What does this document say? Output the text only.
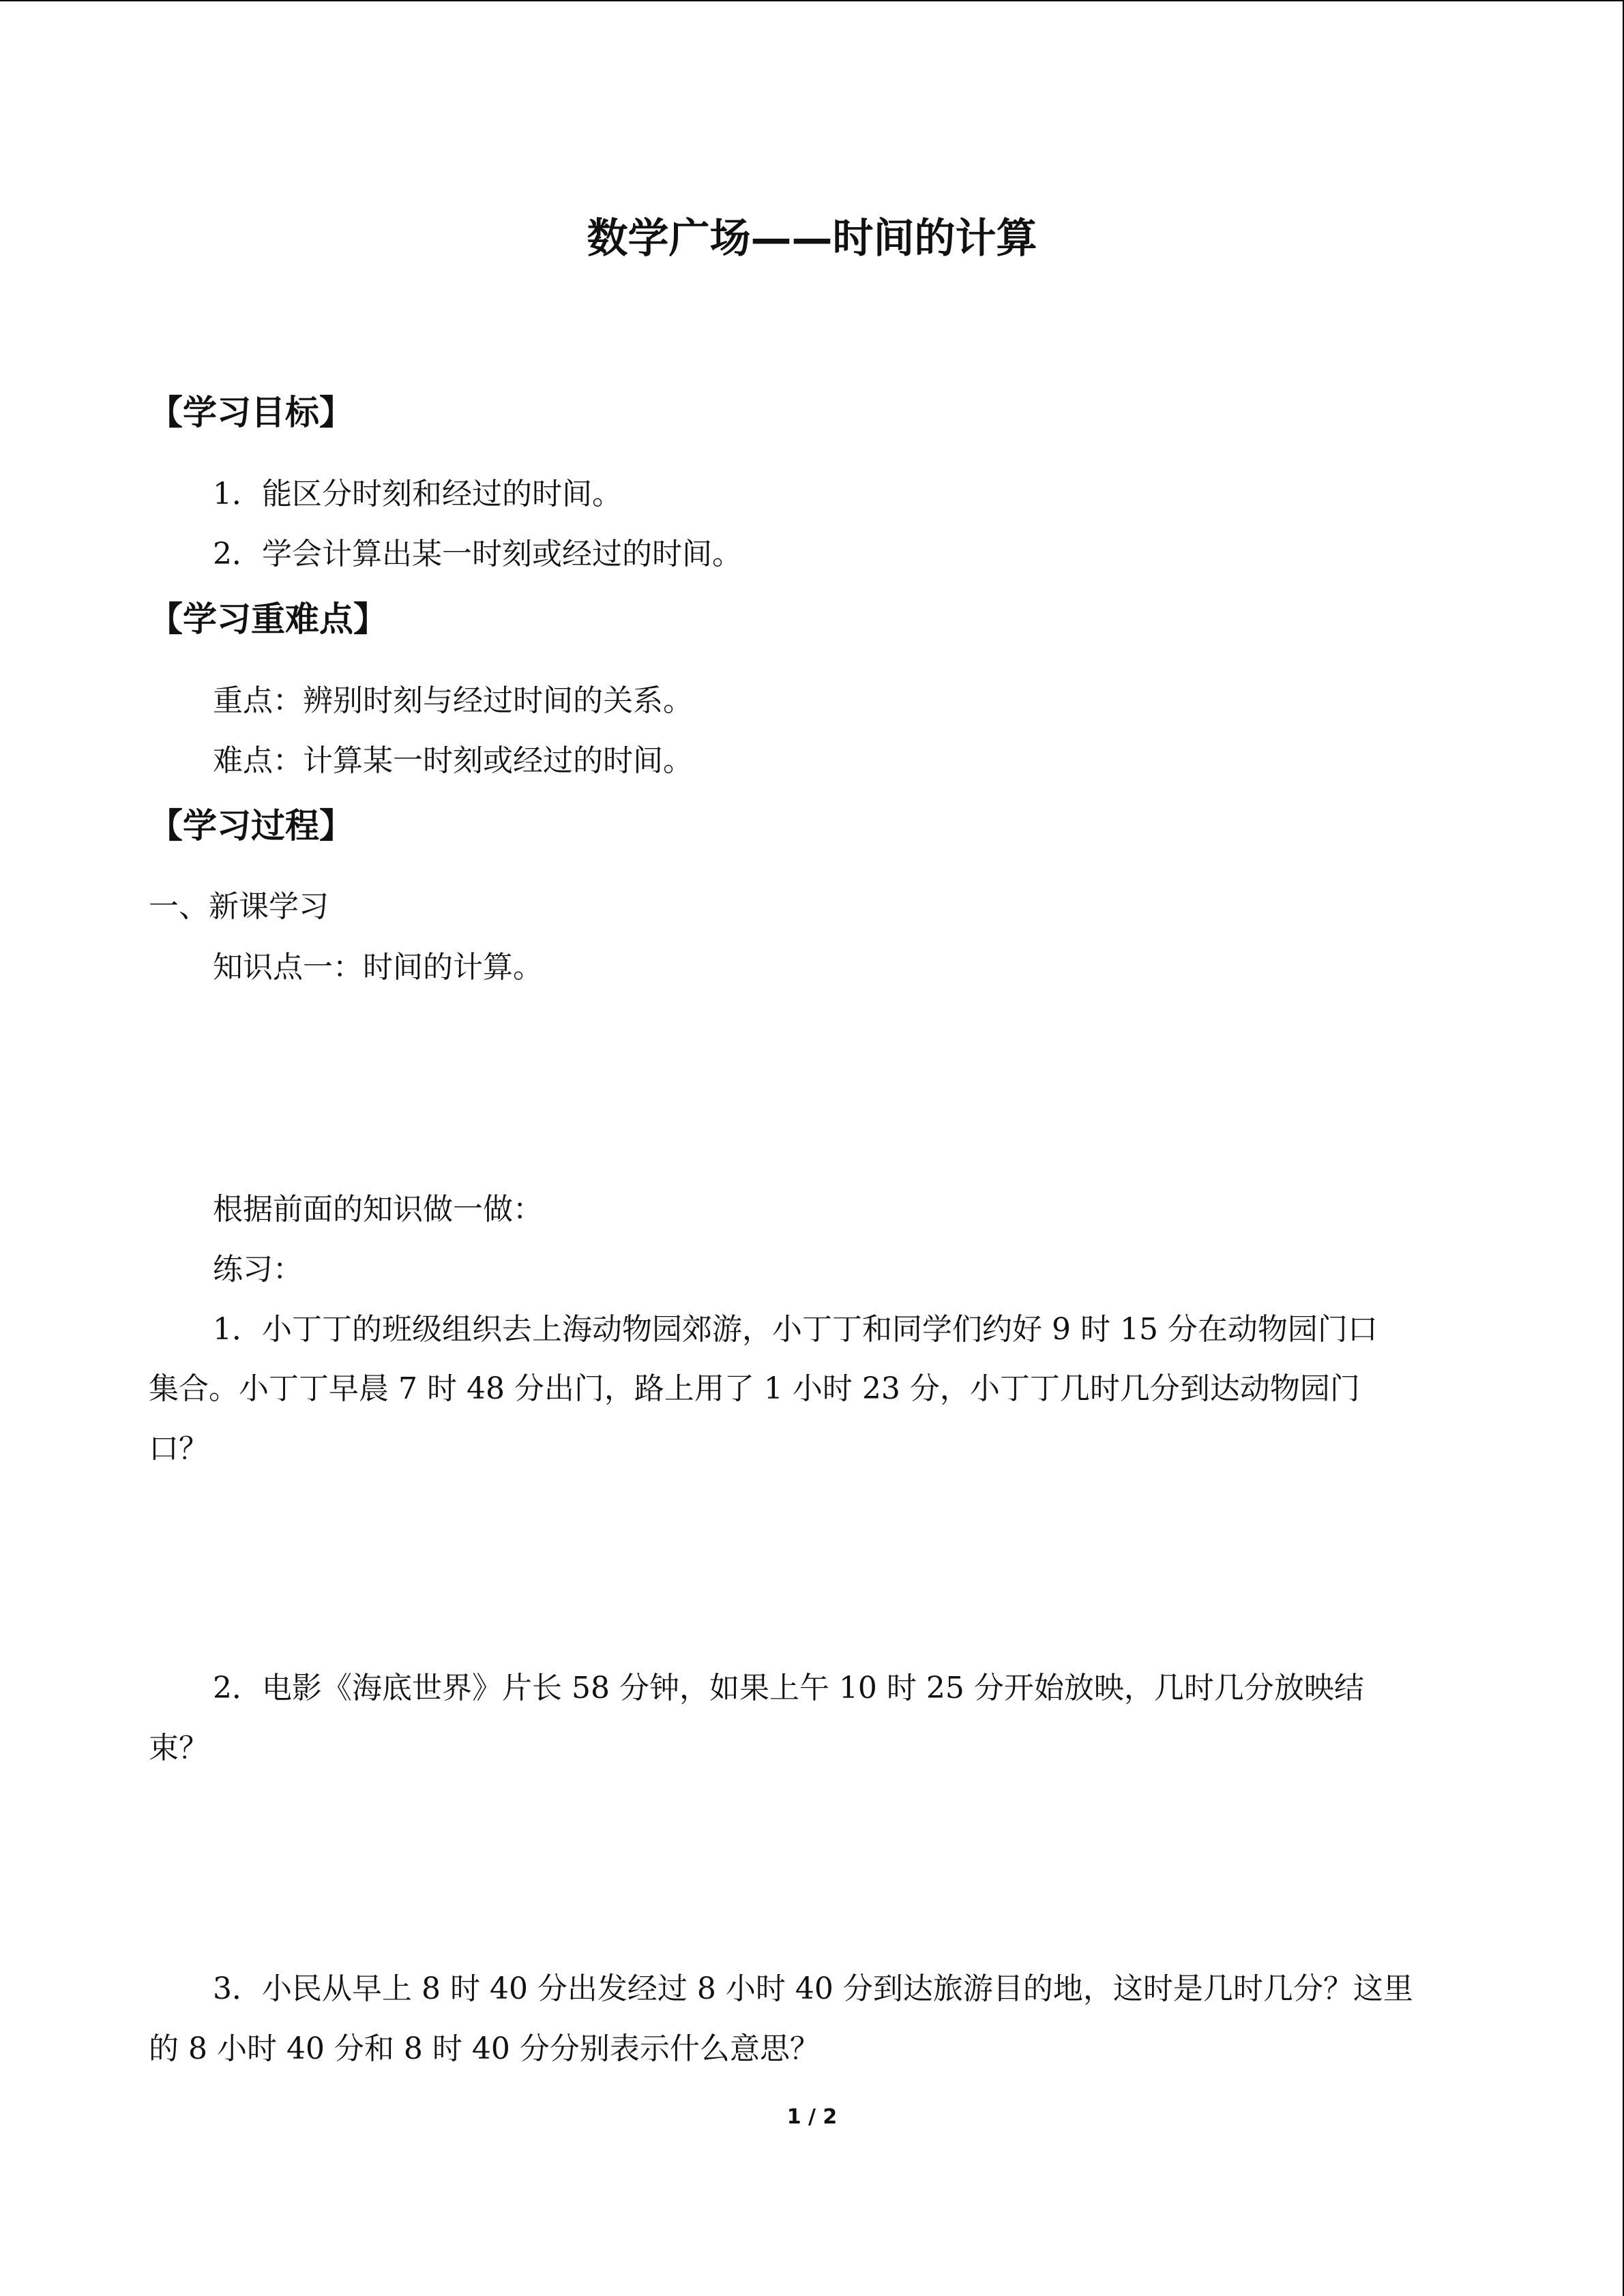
数学广场——时间的计算
【学习目标】
1．能区分时刻和经过的时间。
2．学会计算出某一时刻或经过的时间。
【学习重难点】
重点：辨别时刻与经过时间的关系。
难点：计算某一时刻或经过的时间。
【学习过程】
一、新课学习
知识点一：时间的计算。
根据前面的知识做一做：
练习：
1．小丁丁的班级组织去上海动物园郊游，小丁丁和同学们约好 9 时 15 分在动物园门口
集合。小丁丁早晨 7 时 48 分出门，路上用了 1 小时 23 分，小丁丁几时几分到达动物园门
口？
2．电影《海底世界》片长 58 分钟，如果上午 10 时 25 分开始放映，几时几分放映结
束？
3．小民从早上 8 时 40 分出发经过 8 小时 40 分到达旅游目的地，这时是几时几分？这里
的 8 小时 40 分和 8 时 40 分分别表示什么意思？
1 / 2
